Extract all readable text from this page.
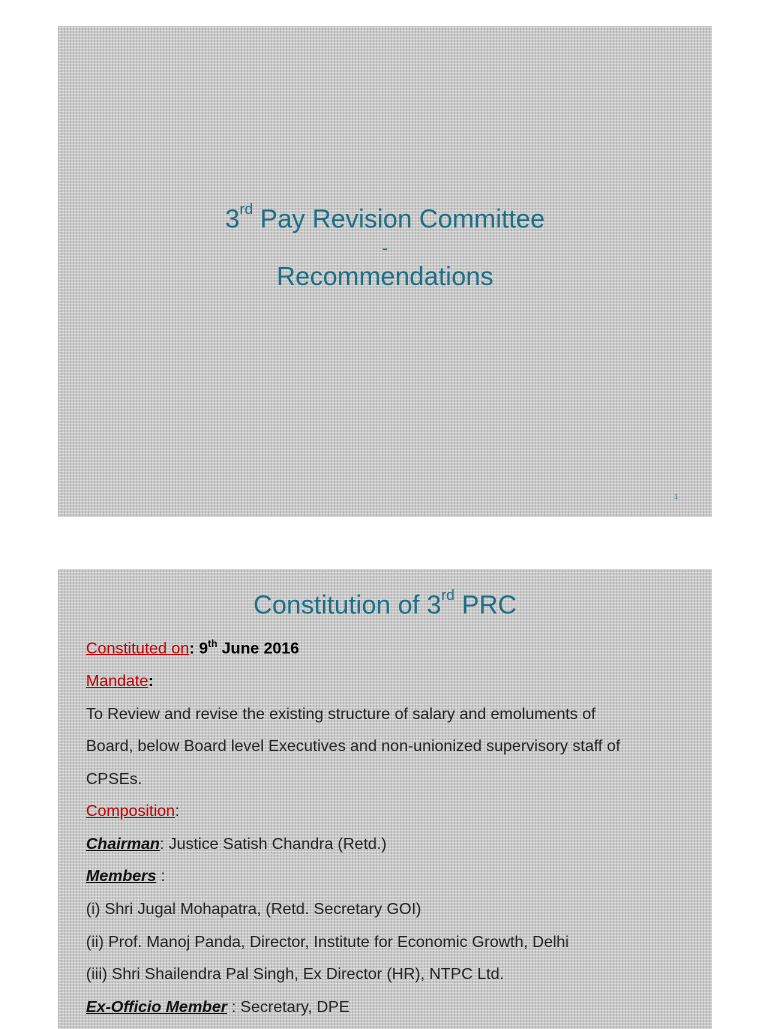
3rd Pay Revision Committee
-
Recommendations
1
Constitution of 3rd PRC

Constituted on: 9th June 2016

Mandate:

To Review and revise the existing structure of salary and emoluments of

Board, below Board level Executives and non-unionized supervisory staff of

CPSEs.

Composition:

Chairman: Justice Satish Chandra (Retd.)

Members :

(i) Shri Jugal Mohapatra, (Retd. Secretary GOI)

(ii) Prof. Manoj Panda, Director, Institute for Economic Growth, Delhi

(iii) Shri Shailendra Pal Singh, Ex Director (HR), NTPC Ltd.

Ex-Officio Member : Secretary, DPE
